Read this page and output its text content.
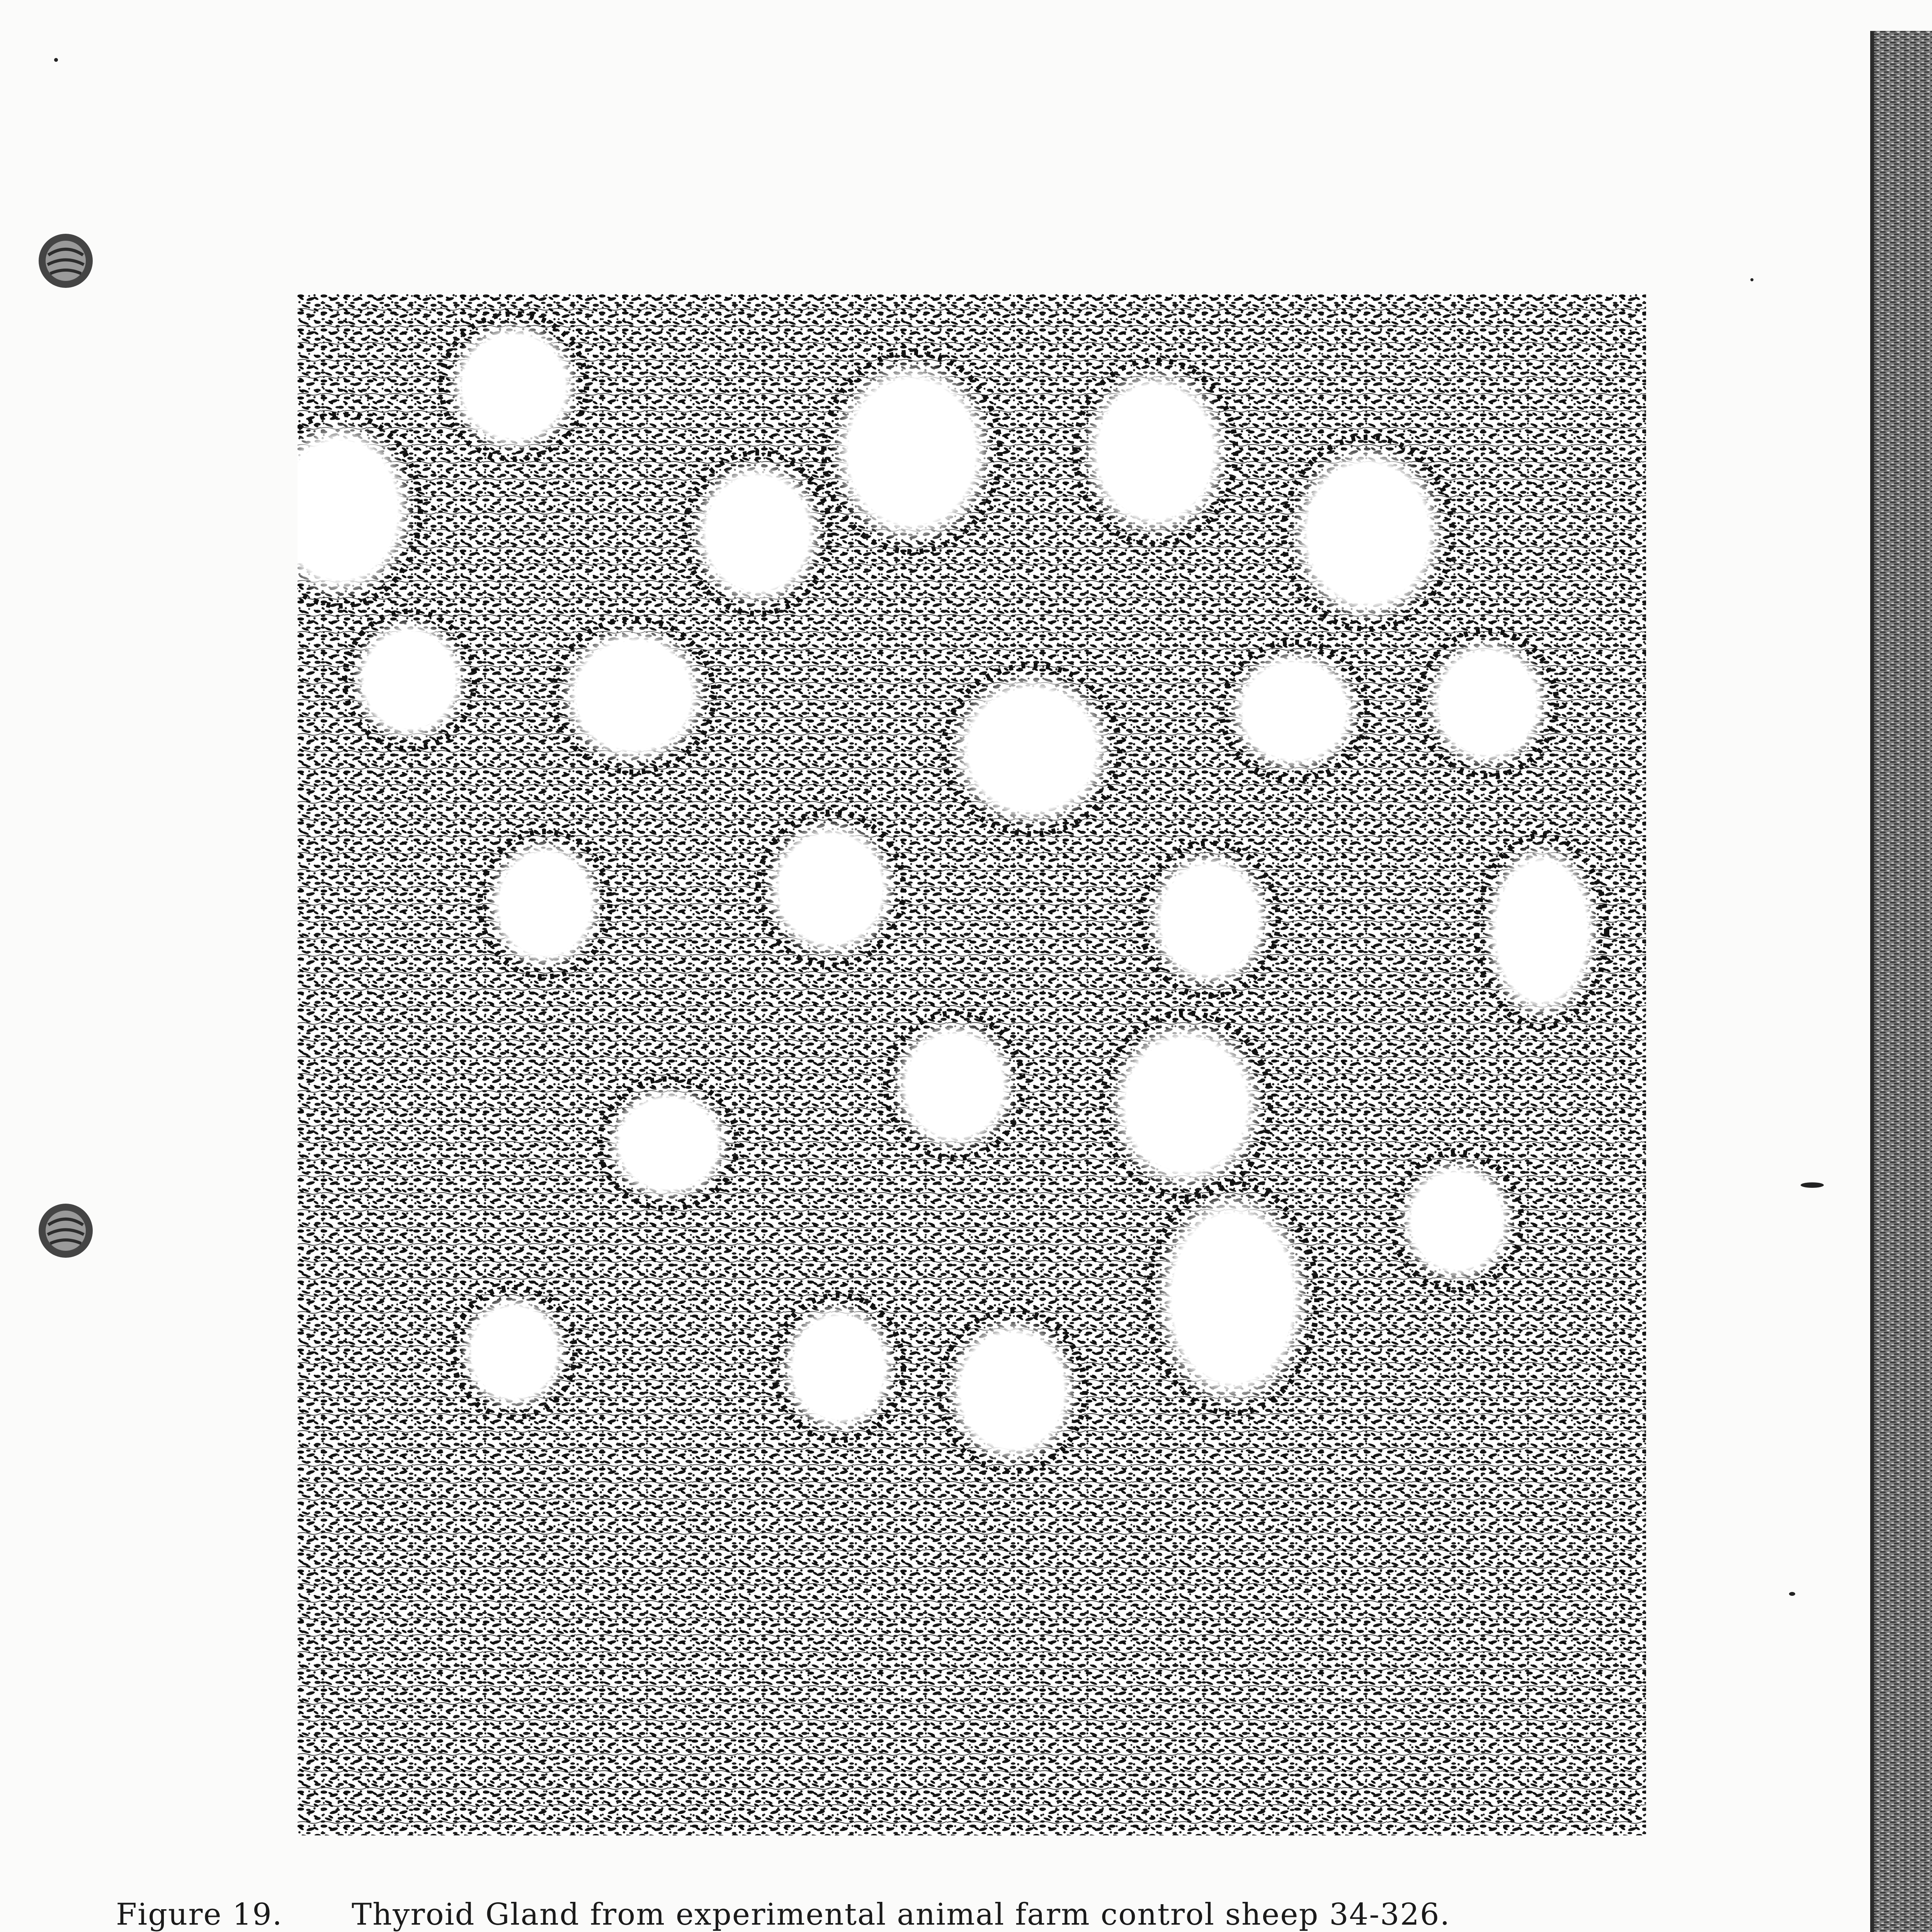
Figure 19. Thyroid Gland from experimental animal farm control sheep 34-326.
